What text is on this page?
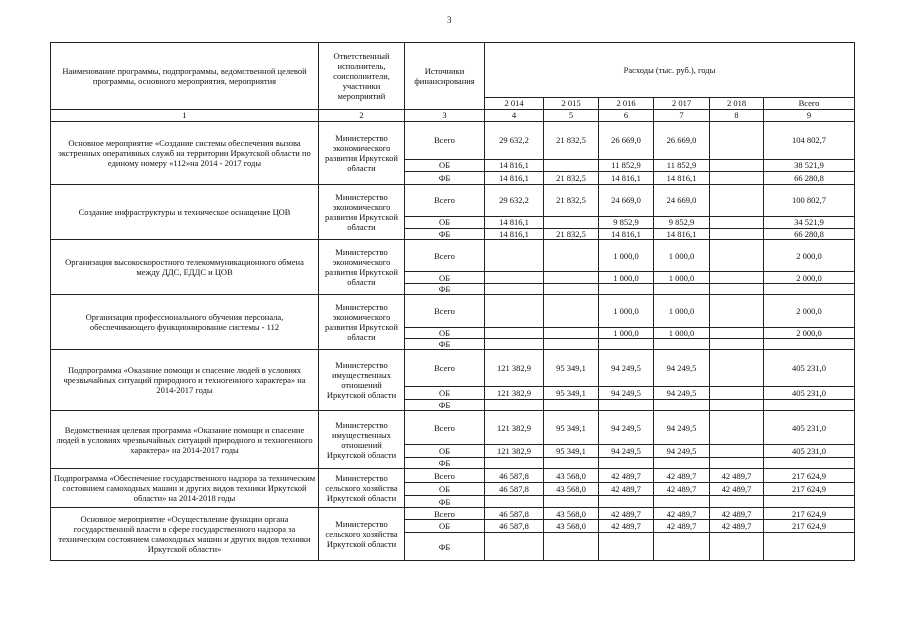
3
Наименование программы, подпрограммы, ведомственной целевой программы, основного мероприятия, мероприятия	Ответственный исполнитель, соисполнители, участники мероприятий	Источники финансирования	Расходы (тыс. руб.), годы					
			2 014	2 015	2 016	2 017	2 018	Всего
1	2	3	4	5	6	7	8	9
Основное мероприятие «Создание системы обеспечения вызова экстренных оперативных служб на территории Иркутской области по единому номеру «112»на 2014 - 2017 годы	Министерство экономического развития Иркутской области	Всего	29 632,2	21 832,5	26 669,0	26 669,0		104 802,7
		ОБ	14 816,1		11 852,9	11 852,9		38 521,9
		ФБ	14 816,1	21 832,5	14 816,1	14 816,1		66 280,8
Создание инфраструктуры и техническое оснащение ЦОВ	Министерство экономического развития Иркутской области	Всего	29 632,2	21 832,5	24 669,0	24 669,0		100 802,7
		ОБ	14 816,1		9 852,9	9 852,9		34 521,9
		ФБ	14 816,1	21 832,5	14 816,1	14 816,1		66 280,8
Организация высокоскоростного телекоммуникационного обмена между ДДС, ЕДДС и ЦОВ	Министерство экономического развития Иркутской области	Всего			1 000,0	1 000,0		2 000,0
		ОБ			1 000,0	1 000,0		2 000,0
		ФБ						
Организация профессионального обучения персонала, обеспечивающего функционирование системы - 112	Министерство экономического развития Иркутской области	Всего			1 000,0	1 000,0		2 000,0
		ОБ			1 000,0	1 000,0		2 000,0
		ФБ						
Подпрограмма «Оказание помощи и спасение людей в условиях чрезвычайных ситуаций природного и техногенного характера» на 2014-2017 годы	Министерство имущественных отношений Иркутской области	Всего	121 382,9	95 349,1	94 249,5	94 249,5		405 231,0
		ОБ	121 382,9	95 349,1	94 249,5	94 249,5		405 231,0
		ФБ						
Ведомственная целевая программа «Оказание помощи и спасение людей в условиях чрезвычайных ситуаций природного и техногенного характера» на 2014-2017 годы	Министерство имущественных отношений Иркутской области	Всего	121 382,9	95 349,1	94 249,5	94 249,5		405 231,0
		ОБ	121 382,9	95 349,1	94 249,5	94 249,5		405 231,0
		ФБ						
Подпрограмма «Обеспечение государственного надзора за техническим состоянием самоходных машин и других видов техники Иркутской области» на 2014-2018 годы	Министерство сельского хозяйства Иркутской области	Всего	46 587,8	43 568,0	42 489,7	42 489,7	42 489,7	217 624,9
		ОБ	46 587,8	43 568,0	42 489,7	42 489,7	42 489,7	217 624,9
		ФБ						
Основное мероприятие «Осуществление функции органа государственной власти в сфере государственного надзора за техническим состоянием самоходных машин и других видов техники Иркутской области»	Министерство сельского хозяйства Иркутской области	Всего	46 587,8	43 568,0	42 489,7	42 489,7	42 489,7	217 624,9
		ОБ	46 587,8	43 568,0	42 489,7	42 489,7	42 489,7	217 624,9
		ФБ						
